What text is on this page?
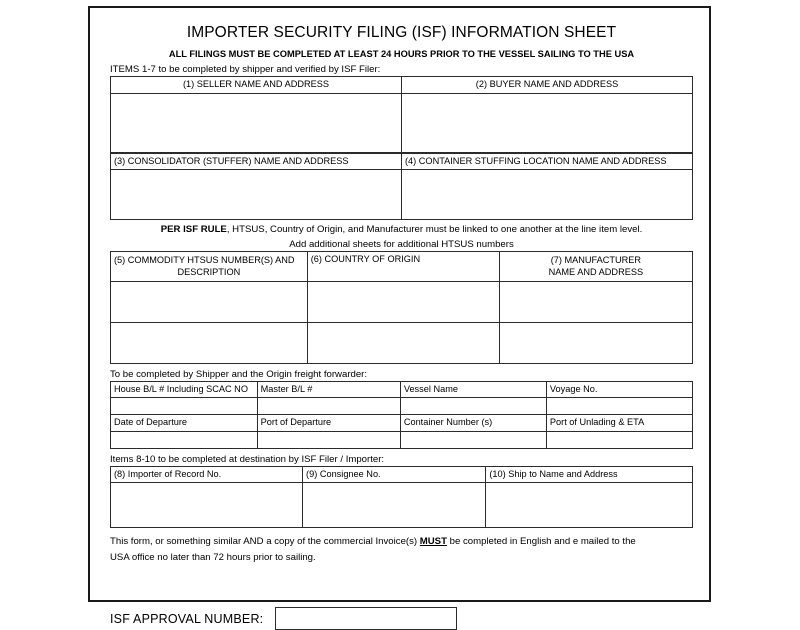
IMPORTER SECURITY FILING (ISF) INFORMATION SHEET
ALL FILINGS MUST BE COMPLETED AT LEAST 24 HOURS PRIOR TO THE VESSEL SAILING TO THE USA
ITEMS 1-7 to be completed by shipper and verified by ISF Filer:
(1) SELLER NAME AND ADDRESS	(2) BUYER NAME AND ADDRESS

(3) CONSOLIDATOR (STUFFER) NAME AND ADDRESS	(4) CONTAINER STUFFING LOCATION NAME AND ADDRESS

PER ISF RULE, HTSUS, Country of Origin, and Manufacturer must be linked to one another at the line item level.
Add additional sheets for additional HTSUS numbers
(5) COMMODITY HTSUS NUMBER(S) AND
DESCRIPTION	(6) COUNTRY OF ORIGIN	(7) MANUFACTURER
NAME AND ADDRESS

To be completed by Shipper and the Origin freight forwarder:
House B/L # Including SCAC NO	Master B/L #	Vessel Name	Voyage No.

Date of Departure	Port of Departure	Container Number (s)	Port of Unlading & ETA

Items 8-10 to be completed at destination by ISF Filer / Importer:
(8) Importer of Record No.	(9) Consignee No.	(10) Ship to Name and Address

This form, or something similar AND a copy of the commercial Invoice(s) MUST be completed in English and e mailed to the
USA office no later than 72 hours prior to sailing.
ISF APPROVAL NUMBER:
